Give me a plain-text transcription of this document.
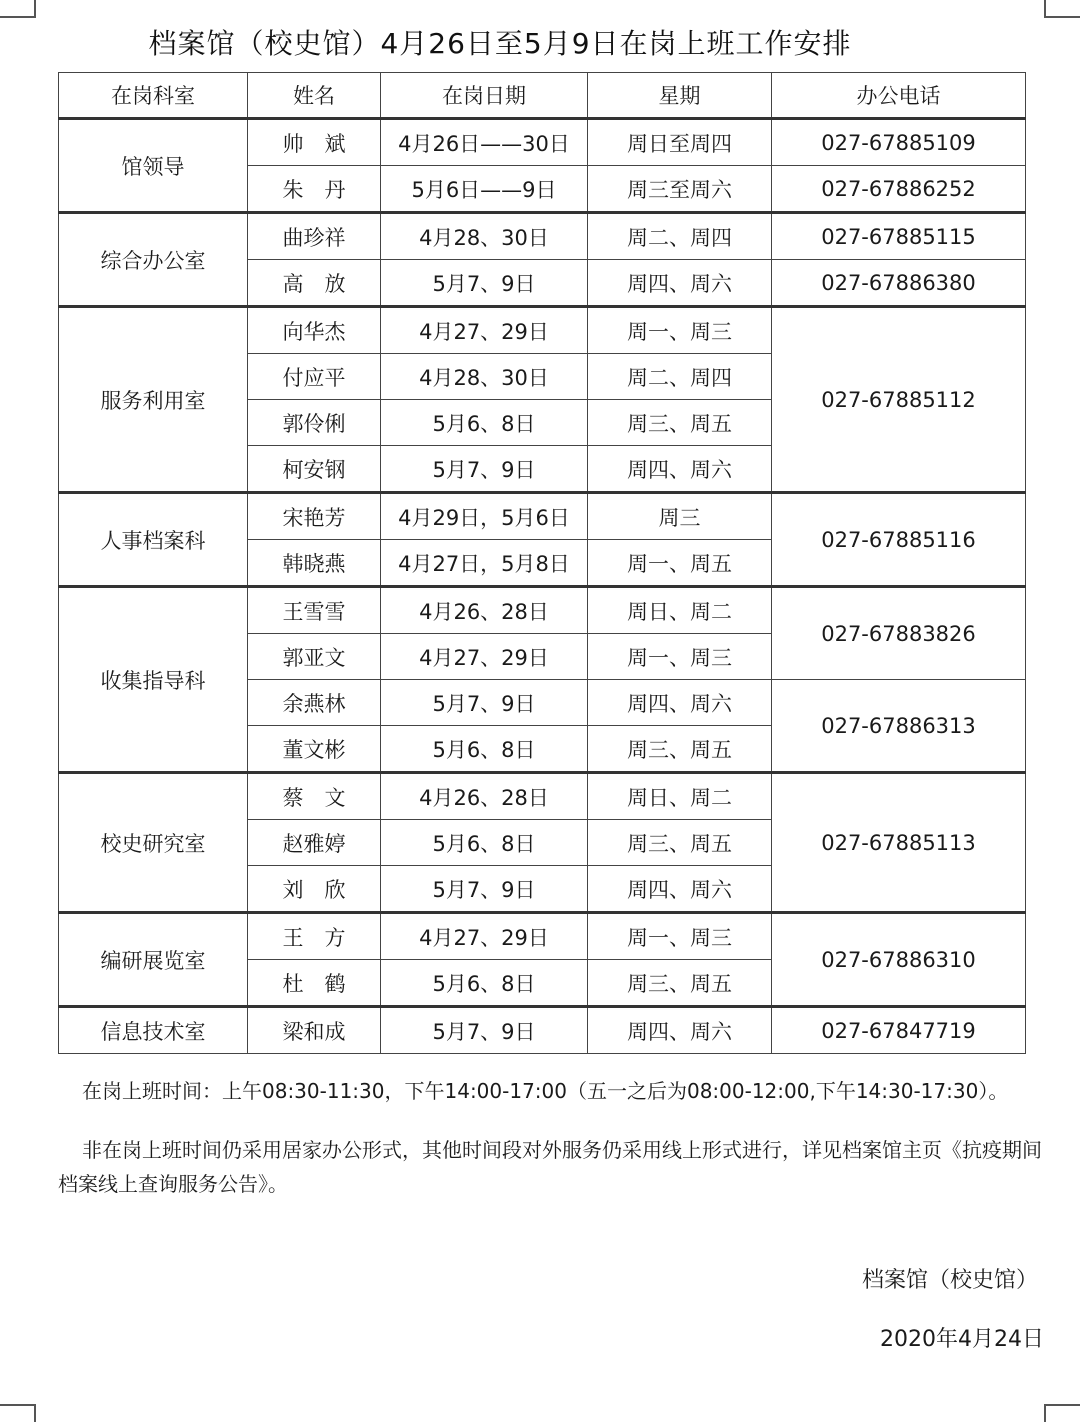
档案馆（校史馆）4月26日至5月9日在岗上班工作安排
在岗科室	姓名	在岗日期	星期	办公电话
馆领导	帅　斌	4月26日——30日	周日至周四	027-67885109
	朱　丹	5月6日——9日	周三至周六	027-67886252
综合办公室	曲珍祥	4月28、30日	周二、周四	027-67885115
	高　放	5月7、9日	周四、周六	027-67886380
服务利用室	向华杰	4月27、29日	周一、周三	027-67885112
	付应平	4月28、30日	周二、周四	
	郭伶俐	5月6、8日	周三、周五	
	柯安钢	5月7、9日	周四、周六	
人事档案科	宋艳芳	4月29日，5月6日	周三	027-67885116
	韩晓燕	4月27日，5月8日	周一、周五	
收集指导科	王雪雪	4月26、28日	周日、周二	027-67883826
	郭亚文	4月27、29日	周一、周三	
	余燕林	5月7、9日	周四、周六	027-67886313
	董文彬	5月6、8日	周三、周五	
校史研究室	蔡　文	4月26、28日	周日、周二	027-67885113
	赵雅婷	5月6、8日	周三、周五	
	刘　欣	5月7、9日	周四、周六	
编研展览室	王　方	4月27、29日	周一、周三	027-67886310
	杜　鹤	5月6、8日	周三、周五	
信息技术室	梁和成	5月7、9日	周四、周六	027-67847719
在岗上班时间：上午08:30-11:30，下午14:00-17:00（五一之后为08:00-12:00,下午14:30-17:30）。
非在岗上班时间仍采用居家办公形式，其他时间段对外服务仍采用线上形式进行，详见档案馆主页《抗疫期间档案线上查询服务公告》。
档案馆（校史馆）
2020年4月24日
